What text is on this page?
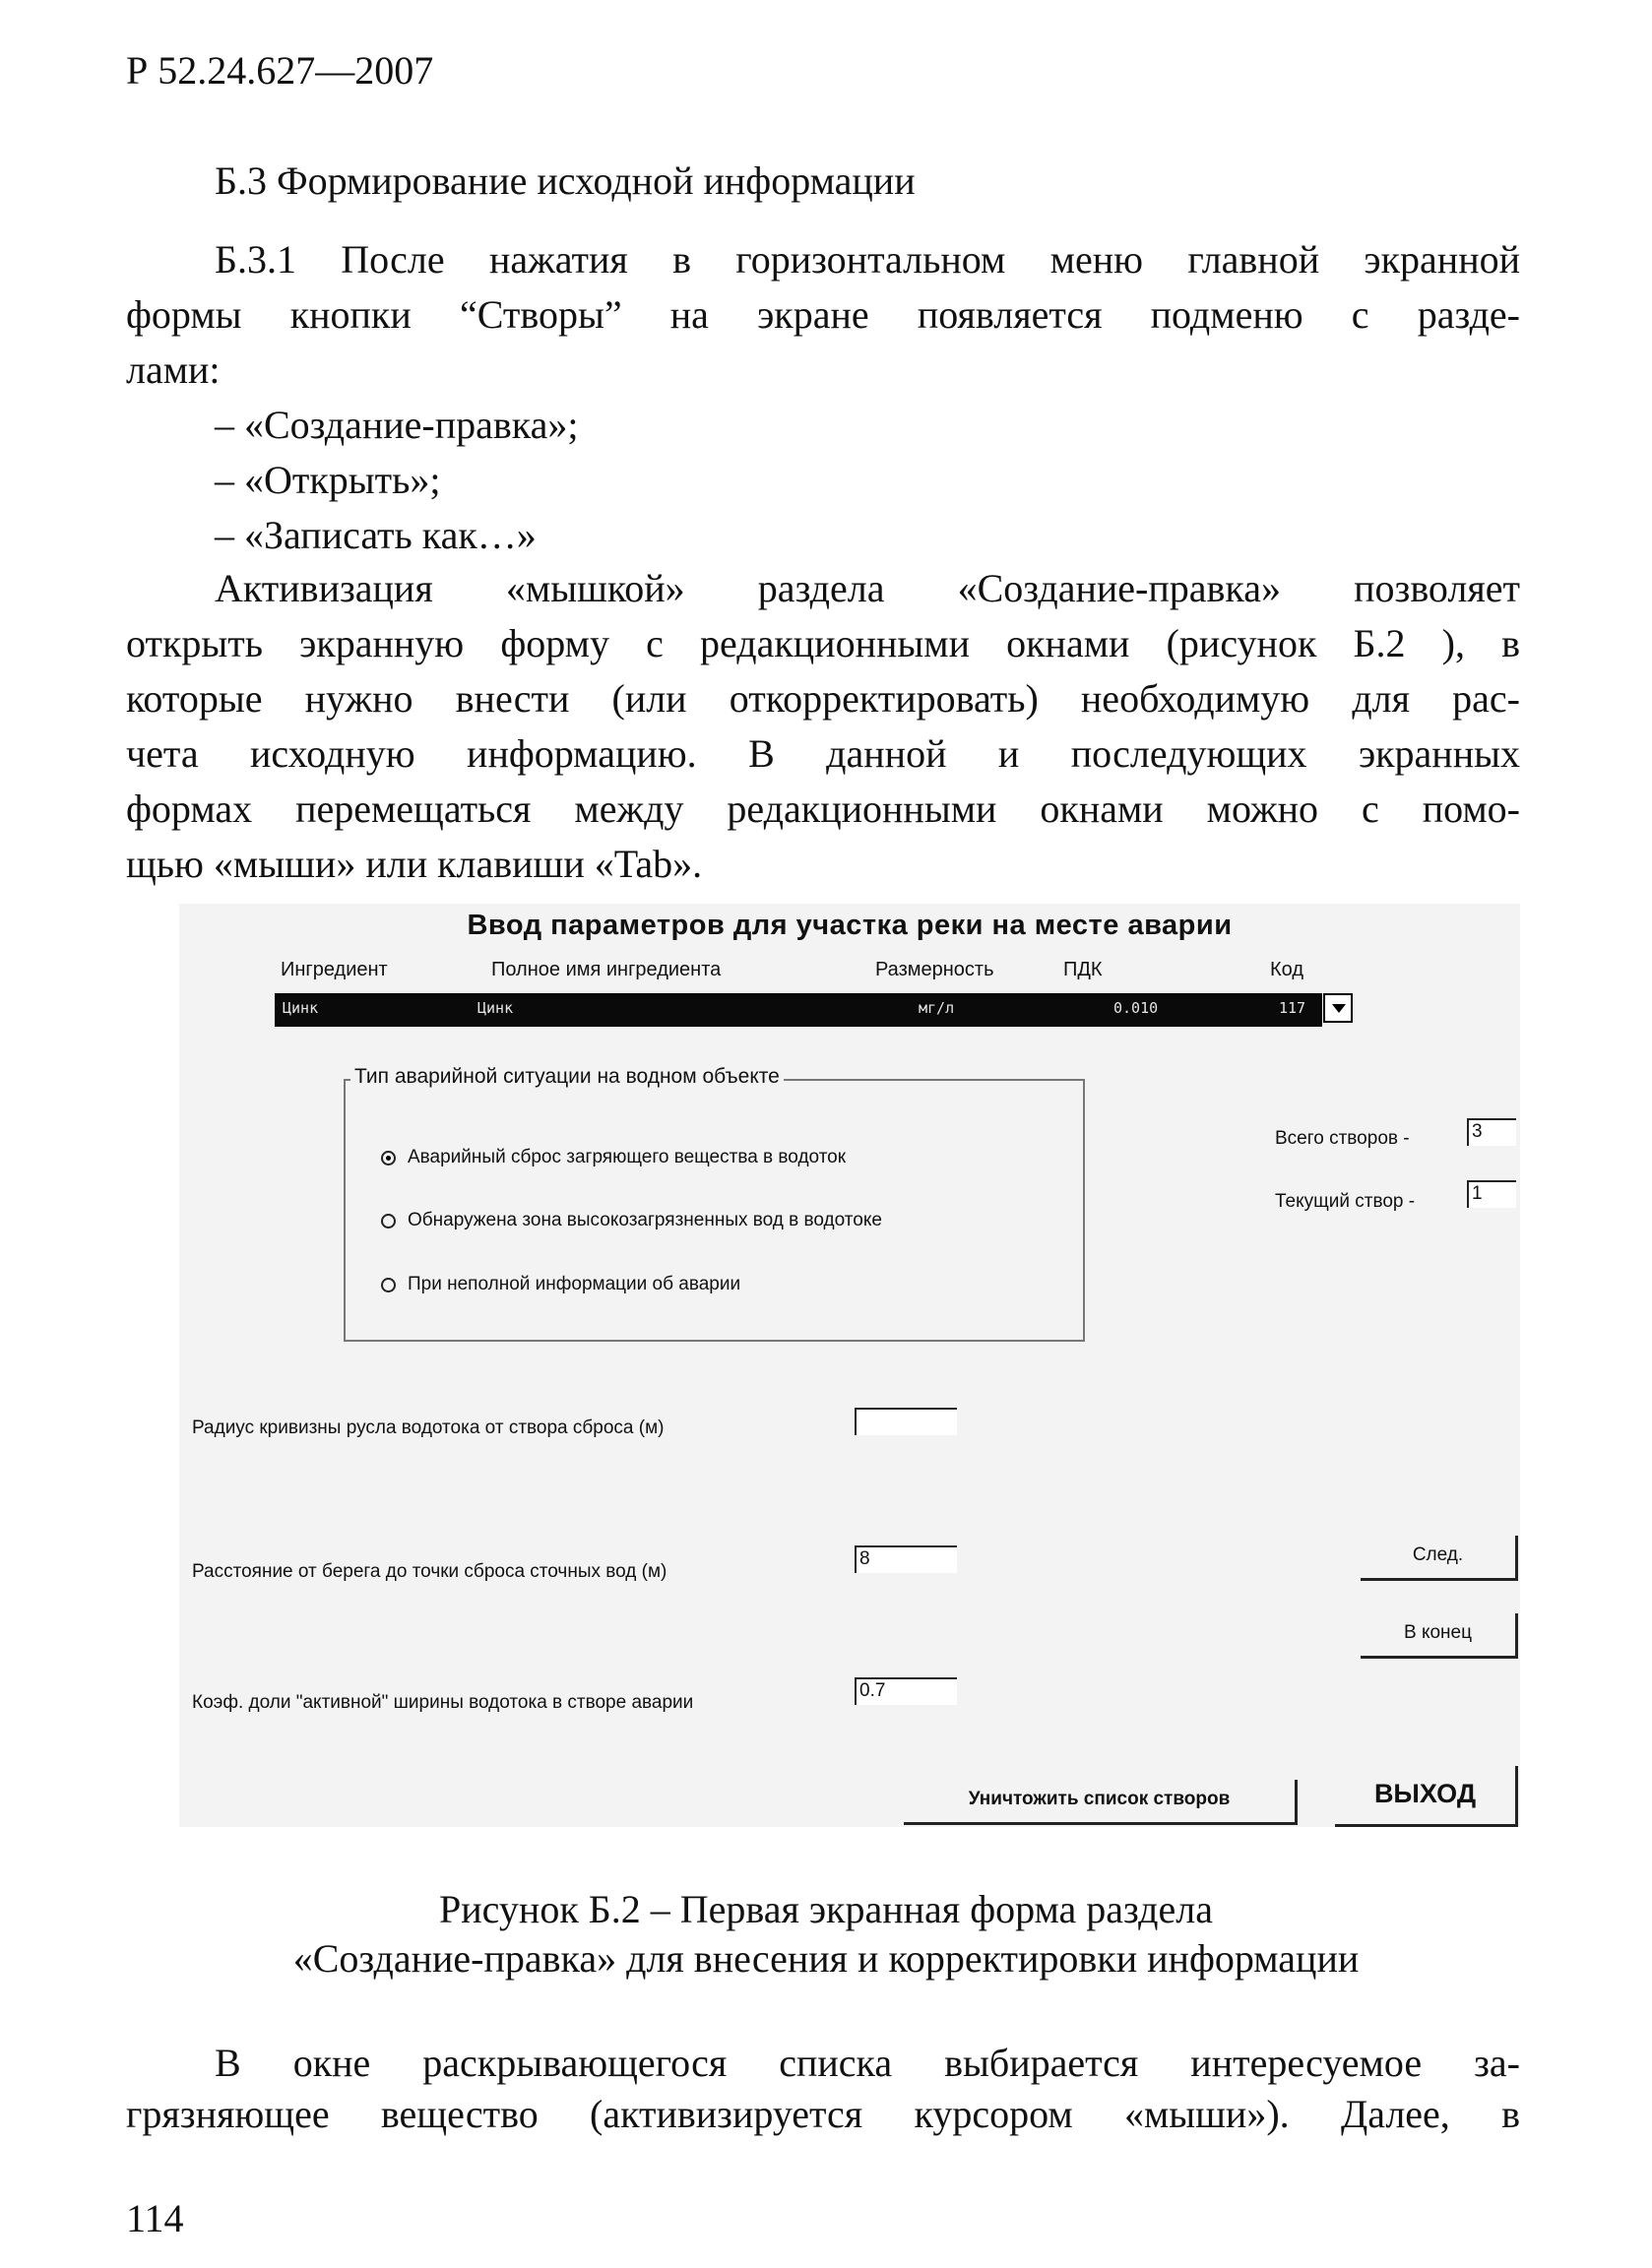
Р 52.24.627—2007
Б.3 Формирование исходной информации
Б.3.1 После нажатия в горизонтальном меню главной экранной
формы кнопки “Створы” на экране появляется подменю с разде-
лами:
– «Создание-правка»;
– «Открыть»;
– «Записать как…»
Активизация «мышкой» раздела «Создание-правка» позволяет
открыть экранную форму с редакционными окнами (рисунок Б.2 ), в
которые нужно внести (или откорректировать) необходимую для рас-
чета исходную информацию. В данной и последующих экранных
формах перемещаться между редакционными окнами можно с помо-
щью «мыши» или клавиши «Tab».
Ввод параметров для участка реки на месте аварии
Ингредиент	Полное имя ингредиента	Размерность	ПДК	Код
Цинк	Цинк	мг/л	0.010	117
Тип аварийной ситуации на водном объекте
Аварийный сброс загряющего вещества в водоток
Обнаружена зона высокозагрязненных вод в водотоке
При неполной информации об аварии
Всего створов -	3
Текущий створ -	1
Радиус кривизны русла водотока от створа сброса (м)
Расстояние от берега до точки сброса сточных вод (м)
8
Коэф. доли "активной" ширины водотока в створе аварии
0.7
След.
В конец
Уничтожить список створов	ВЫХОД
Рисунок Б.2 – Первая экранная форма раздела
«Создание-правка» для внесения и корректировки информации
В окне раскрывающегося списка выбирается интересуемое за-
грязняющее вещество (активизируется курсором «мыши»). Далее, в
114
